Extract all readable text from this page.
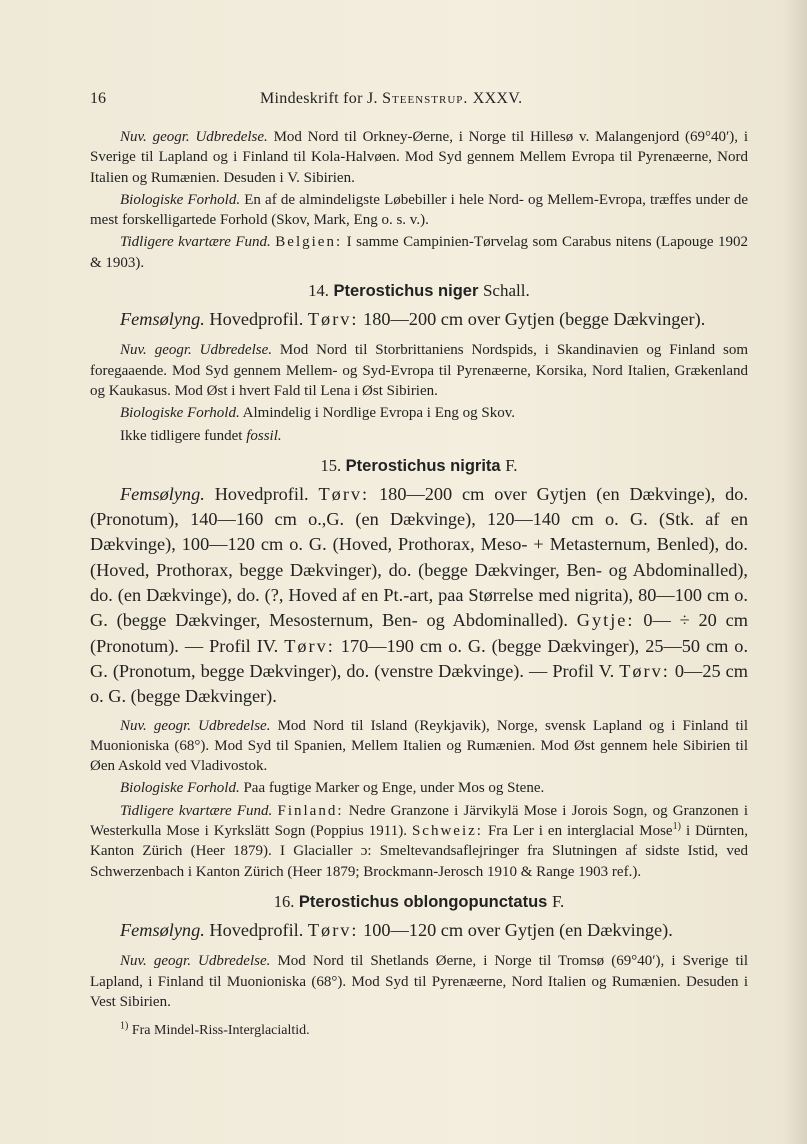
16	Mindeskrift for J. Steenstrup. XXXV.

Nuv. geogr. Udbredelse. Mod Nord til Orkney-Øerne, i Norge til Hillesø v. Malangenjord (69°40′), i Sverige til Lapland og i Finland til Kola-Halvøen. Mod Syd gennem Mellem Evropa til Pyrenæerne, Nord Italien og Rumænien. Desuden i V. Sibirien.

Biologiske Forhold. En af de almindeligste Løbebiller i hele Nord- og Mellem-Evropa, træffes under de mest forskelligartede Forhold (Skov, Mark, Eng o. s. v.).

Tidligere kvartære Fund. Belgien: I samme Campinien-Tørvelag som Carabus nitens (Lapouge 1902 & 1903).

14. Pterostichus niger Schall.

Femsølyng. Hovedprofil. Tørv: 180—200 cm over Gytjen (begge Dækvinger).

Nuv. geogr. Udbredelse. Mod Nord til Storbrittaniens Nordspids, i Skandinavien og Finland som foregaaende. Mod Syd gennem Mellem- og Syd-Evropa til Pyrenæerne, Korsika, Nord Italien, Grækenland og Kaukasus. Mod Øst i hvert Fald til Lena i Øst Sibirien.

Biologiske Forhold. Almindelig i Nordlige Evropa i Eng og Skov.

Ikke tidligere fundet fossil.

15. Pterostichus nigrita F.

Femsølyng. Hovedprofil. Tørv: 180—200 cm over Gytjen (en Dækvinge), do. (Pronotum), 140—160 cm o.,G. (en Dækvinge), 120—140 cm o. G. (Stk. af en Dækvinge), 100—120 cm o. G. (Hoved, Prothorax, Meso- + Metasternum, Benled), do. (Hoved, Prothorax, begge Dækvinger), do. (begge Dækvinger, Ben- og Abdominalled), do. (en Dækvinge), do. (?, Hoved af en Pt.-art, paa Størrelse med nigrita), 80—100 cm o. G. (begge Dækvinger, Mesosternum, Ben- og Abdominalled). Gytje: 0— ÷ 20 cm (Pronotum). — Profil IV. Tørv: 170—190 cm o. G. (begge Dækvinger), 25—50 cm o. G. (Pronotum, begge Dækvinger), do. (venstre Dækvinge). — Profil V. Tørv: 0—25 cm o. G. (begge Dækvinger).

Nuv. geogr. Udbredelse. Mod Nord til Island (Reykjavik), Norge, svensk Lapland og i Finland til Muonioniska (68°). Mod Syd til Spanien, Mellem Italien og Rumænien. Mod Øst gennem hele Sibirien til Øen Askold ved Vladivostok.

Biologiske Forhold. Paa fugtige Marker og Enge, under Mos og Stene.

Tidligere kvartære Fund. Finland: Nedre Granzone i Järvikylä Mose i Jorois Sogn, og Granzonen i Westerkulla Mose i Kyrkslätt Sogn (Poppius 1911). Schweiz: Fra Ler i en interglacial Mose$^{1)}$ i Dürnten, Kanton Zürich (Heer 1879). I Glacialler ɔ: Smeltevandsaflejringer fra Slutningen af sidste Istid, ved Schwerzenbach i Kanton Zürich (Heer 1879; Brockmann-Jerosch 1910 & Range 1903 ref.).

16. Pterostichus oblongopunctatus F.

Femsølyng. Hovedprofil. Tørv: 100—120 cm over Gytjen (en Dækvinge).

Nuv. geogr. Udbredelse. Mod Nord til Shetlands Øerne, i Norge til Tromsø (69°40′), i Sverige til Lapland, i Finland til Muonioniska (68°). Mod Syd til Pyrenæerne, Nord Italien og Rumænien. Desuden i Vest Sibirien.

$^{1)}$ Fra Mindel-Riss-Interglacialtid.
